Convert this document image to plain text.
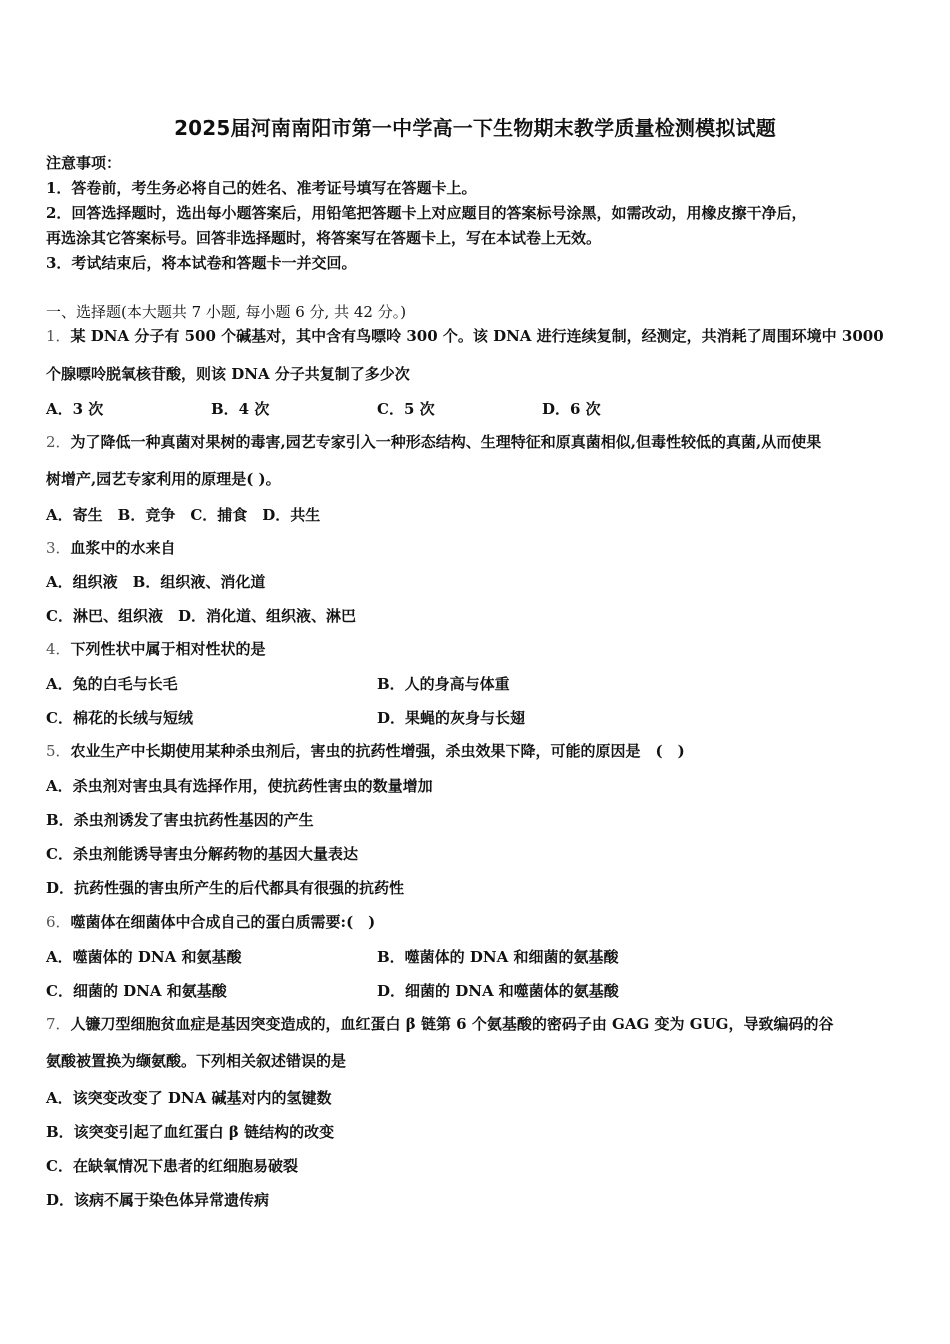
2025届河南南阳市第一中学高一下生物期末教学质量检测模拟试题
注意事项：
1．答卷前，考生务必将自己的姓名、准考证号填写在答题卡上。
2．回答选择题时，选出每小题答案后，用铅笔把答题卡上对应题目的答案标号涂黑，如需改动，用橡皮擦干净后，
再选涂其它答案标号。回答非选择题时，将答案写在答题卡上，写在本试卷上无效。
3．考试结束后，将本试卷和答题卡一并交回。
一、选择题(本大题共 7 小题, 每小题 6 分, 共 42 分。)
1．某 DNA 分子有 500 个碱基对，其中含有鸟嘌呤 300 个。该 DNA 进行连续复制，经测定，共消耗了周围环境中 3000
个腺嘌呤脱氧核苷酸，则该 DNA 分子共复制了多少次
A．3 次	B．4 次	C．5 次	D．6 次
2．为了降低一种真菌对果树的毒害,园艺专家引入一种形态结构、生理特征和原真菌相似,但毒性较低的真菌,从而使果
树增产,园艺专家利用的原理是( )。
A．寄生　B．竞争　C．捕食　D．共生
3．血浆中的水来自
A．组织液　B．组织液、消化道
C．淋巴、组织液　D．消化道、组织液、淋巴
4．下列性状中属于相对性状的是
A．兔的白毛与长毛	B．人的身高与体重
C．棉花的长绒与短绒	D．果蝇的灰身与长翅
5．农业生产中长期使用某种杀虫剂后，害虫的抗药性增强，杀虫效果下降，可能的原因是　(　)
A．杀虫剂对害虫具有选择作用，使抗药性害虫的数量增加
B．杀虫剂诱发了害虫抗药性基因的产生
C．杀虫剂能诱导害虫分解药物的基因大量表达
D．抗药性强的害虫所产生的后代都具有很强的抗药性
6．噬菌体在细菌体中合成自己的蛋白质需要:(　)
A．噬菌体的 DNA 和氨基酸	B．噬菌体的 DNA 和细菌的氨基酸
C．细菌的 DNA 和氨基酸	D．细菌的 DNA 和噬菌体的氨基酸
7．人镰刀型细胞贫血症是基因突变造成的，血红蛋白 β 链第 6 个氨基酸的密码子由 GAG 变为 GUG，导致编码的谷
氨酸被置换为缬氨酸。下列相关叙述错误的是
A．该突变改变了 DNA 碱基对内的氢键数
B．该突变引起了血红蛋白 β 链结构的改变
C．在缺氧情况下患者的红细胞易破裂
D．该病不属于染色体异常遗传病
